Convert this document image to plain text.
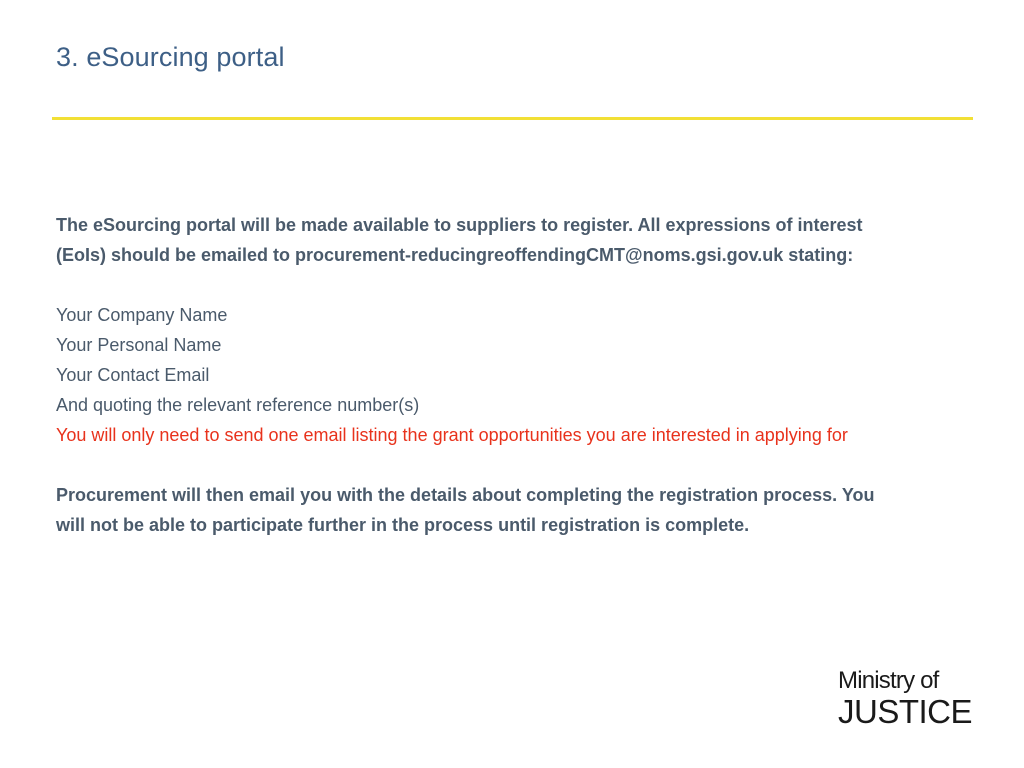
3. eSourcing portal
The eSourcing portal will be made available to suppliers to register. All expressions of interest
(EoIs) should be emailed to procurement-reducingreoffendingCMT@noms.gsi.gov.uk stating:
Your Company Name
Your Personal Name
Your Contact Email
And quoting the relevant reference number(s)
You will only need to send one email listing the grant opportunities you are interested in applying for
Procurement will then email you with the details about completing the registration process. You
will not be able to participate further in the process until registration is complete.
Ministry of
JUSTICE
